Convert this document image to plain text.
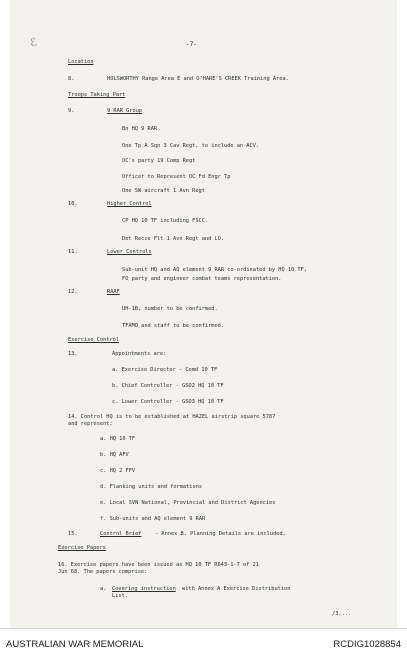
ℰ	-7-
Location
8.	HOLSWORTHY Range Area E and O'HARE'S CREEK Training Area.
Troops Taking Part
9.	9 RAR Group
Bn HQ 9 RAR
One Tp A Sqn 3 Cav Regt, to include an ACV.
OC's party 19 Comp Regt
Officer to Represent OC Fd Engr Tp
One SW aircraft 1 Avn Regt
10.	Higher Control
CP HQ 10 TF including FSCC.
Det Recce Flt 1 Avn Regt and LO.
11.	Lower Controls
Sub-unit HQ and AQ element 9 RAR co-ordinated by HQ 10 TF,
FO party and engineer combat teams representation.
12.	RAAF
UH-1B, number to be confirmed.
TFAMO and staff to be confirmed.
Exercise Control
13.	Appointments are:
a. Exercise Director - Comd 10 TF
b. Chief Controller - GSO2 HQ 10 TF
c. Lower Controller - GSO3 HQ 10 TF
14. Control HQ is to be established at HAZEL airstrip square 5787
and represent:
a. HQ 10 TF
b. HQ AFV
c. HQ 2 FFV
d. Flanking units and formations
e. Local SVN National, Provincial and District Agencies
f. Sub-units and AQ element 9 RAR
15.	Control Brief	- Annex B. Planning Details are included.
Exercise Papers
16. Exercise papers have been issued as HQ 10 TF R643-1-7 of 21
Jun 68. The papers comprise:
a. Covering instruction with Annex A Exercise Distribution
List.
/3....
AUSTRALIAN WAR MEMORIAL	RCDIG1028854
